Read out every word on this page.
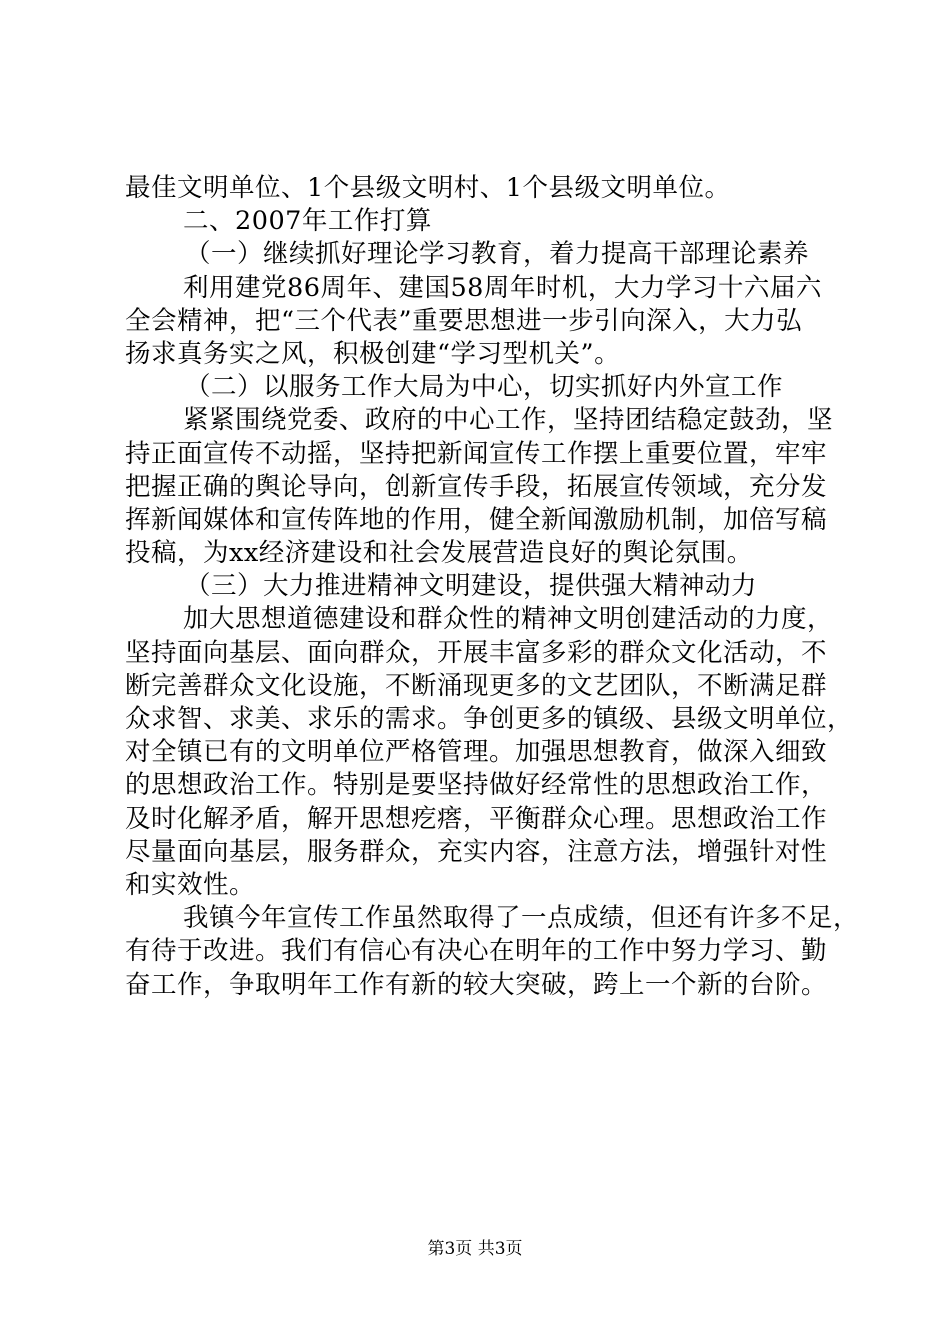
最佳文明单位、1个县级文明村、1个县级文明单位。
二、2007年工作打算
（一）继续抓好理论学习教育，着力提高干部理论素养
利用建党86周年、建国58周年时机，大力学习十六届六
全会精神，把“三个代表”重要思想进一步引向深入，大力弘
扬求真务实之风，积极创建“学习型机关”。
（二）以服务工作大局为中心，切实抓好内外宣工作
紧紧围绕党委、政府的中心工作，坚持团结稳定鼓劲，坚
持正面宣传不动摇，坚持把新闻宣传工作摆上重要位置，牢牢
把握正确的舆论导向，创新宣传手段，拓展宣传领域，充分发
挥新闻媒体和宣传阵地的作用，健全新闻激励机制，加倍写稿
投稿，为xx经济建设和社会发展营造良好的舆论氛围。
（三）大力推进精神文明建设，提供强大精神动力
加大思想道德建设和群众性的精神文明创建活动的力度，
坚持面向基层、面向群众，开展丰富多彩的群众文化活动，不
断完善群众文化设施，不断涌现更多的文艺团队，不断满足群
众求智、求美、求乐的需求。争创更多的镇级、县级文明单位，
对全镇已有的文明单位严格管理。加强思想教育，做深入细致
的思想政治工作。特别是要坚持做好经常性的思想政治工作，
及时化解矛盾，解开思想疙瘩，平衡群众心理。思想政治工作
尽量面向基层，服务群众，充实内容，注意方法，增强针对性
和实效性。
我镇今年宣传工作虽然取得了一点成绩，但还有许多不足，
有待于改进。我们有信心有决心在明年的工作中努力学习、勤
奋工作，争取明年工作有新的较大突破，跨上一个新的台阶。
第3页 共3页
